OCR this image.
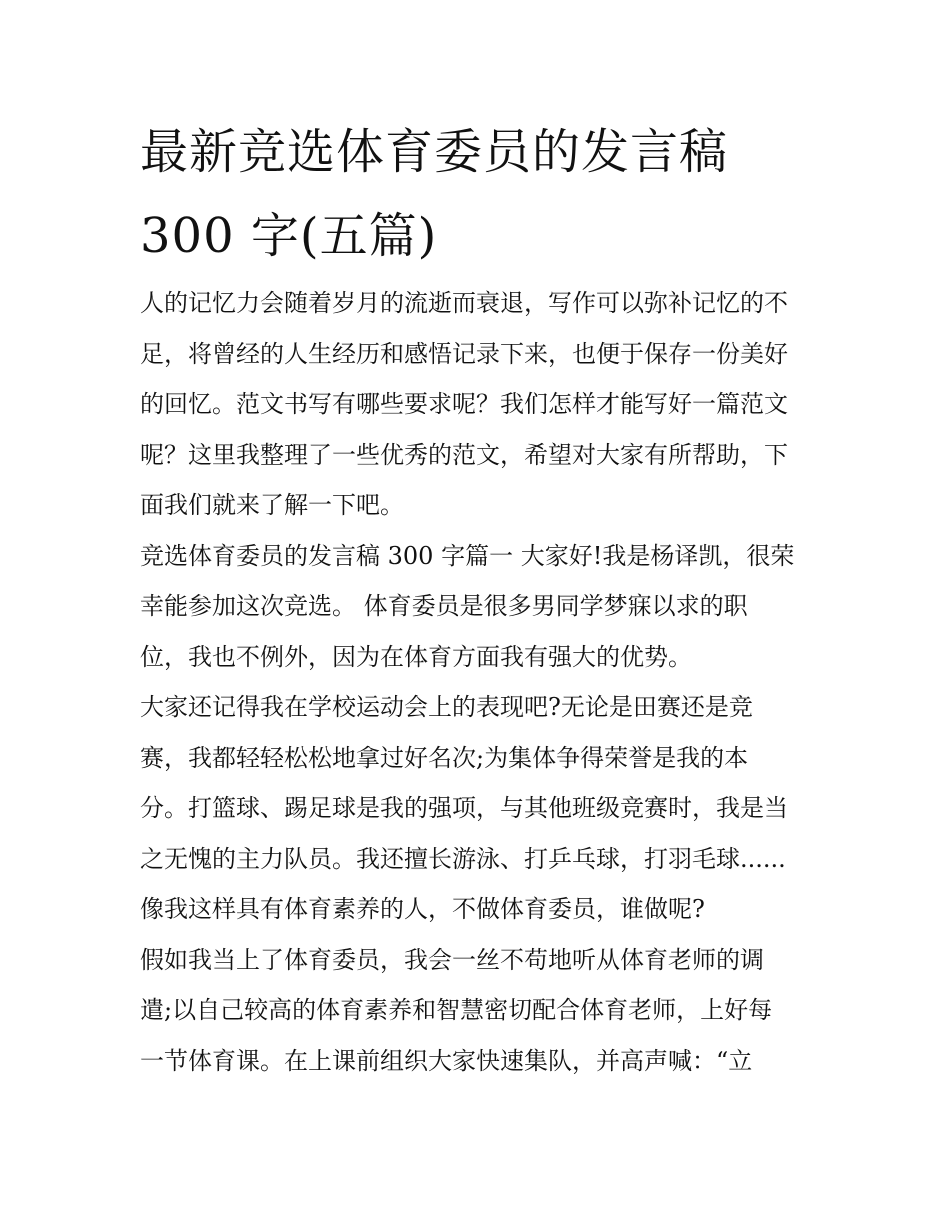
最新竞选体育委员的发言稿
300 字(五篇)

人的记忆力会随着岁月的流逝而衰退，写作可以弥补记忆的不
足，将曾经的人生经历和感悟记录下来，也便于保存一份美好
的回忆。范文书写有哪些要求呢？我们怎样才能写好一篇范文
呢？这里我整理了一些优秀的范文，希望对大家有所帮助，下
面我们就来了解一下吧。

竞选体育委员的发言稿 300 字篇一 大家好!我是杨译凯，很荣
幸能参加这次竞选。 体育委员是很多男同学梦寐以求的职
位，我也不例外，因为在体育方面我有强大的优势。

大家还记得我在学校运动会上的表现吧?无论是田赛还是竞
赛，我都轻轻松松地拿过好名次;为集体争得荣誉是我的本
分。打篮球、踢足球是我的强项，与其他班级竞赛时，我是当
之无愧的主力队员。我还擅长游泳、打乒乓球，打羽毛球......
像我这样具有体育素养的人，不做体育委员，谁做呢?

假如我当上了体育委员，我会一丝不苟地听从体育老师的调
遣;以自己较高的体育素养和智慧密切配合体育老师，上好每
一节体育课。在上课前组织大家快速集队，并高声喊：“立
